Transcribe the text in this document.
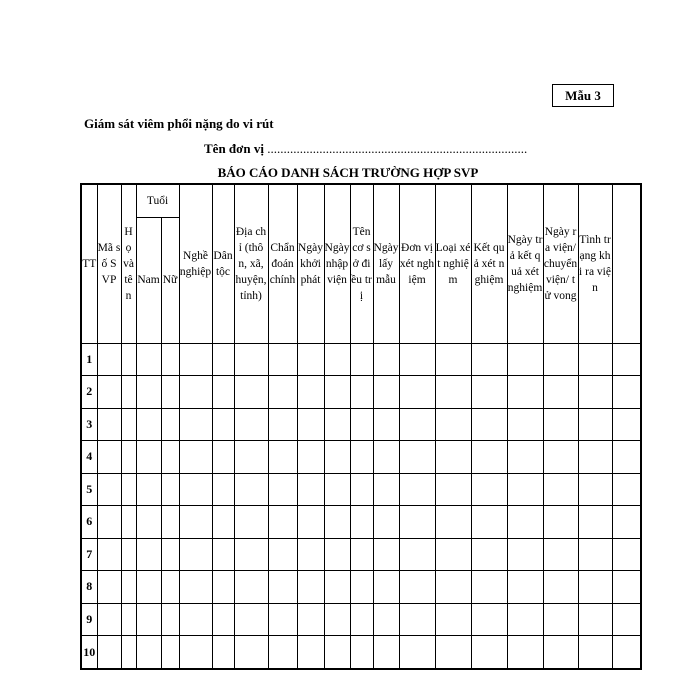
Mẫu 3
Giám sát viêm phổi nặng do vi rút
Tên đơn vị ................................................................................
BÁO CÁO DANH SÁCH TRƯỜNG HỢP SVP
TT	Mã số SVP	Họ và tên	Tuổi		Nghề nghiệp	Dân tộc	Địa chỉ (thôn, xã, huyện, tỉnh)	Chẩn đoán chính	Ngày khởi phát	Ngày nhập viện	Tên cơ sở điều trị	Ngày lấy mẫu	Đơn vị xét nghiệm	Loại xét nghiệm	Kết quả xét nghiệm	Ngày trả kết quả xét nghiệm	Ngày ra viện/ chuyển viện/ tử vong	Tình trạng khi ra viện	
			Nam	Nữ															
1																			
2																			
3																			
4																			
5																			
6																			
7																			
8																			
9																			
10																			
